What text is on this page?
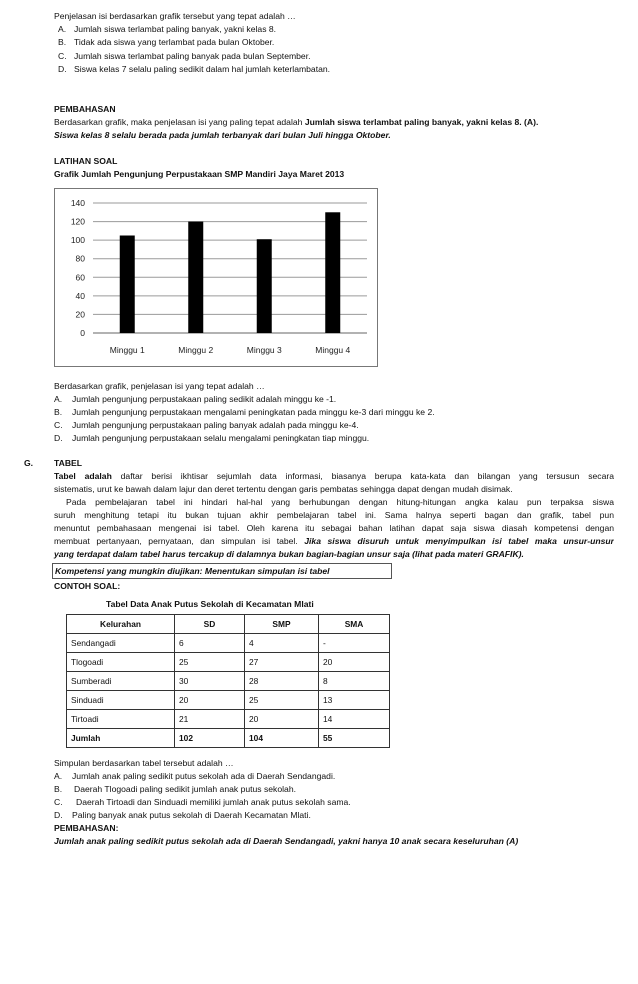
Penjelasan isi berdasarkan grafik tersebut yang tepat adalah …
A. Jumlah siswa terlambat paling banyak, yakni kelas 8.
B. Tidak ada siswa yang terlambat pada bulan Oktober.
C. Jumlah siswa terlambat paling banyak pada bulan September.
D. Siswa kelas 7 selalu paling sedikit dalam hal jumlah keterlambatan.
PEMBAHASAN
Berdasarkan grafik, maka penjelasan isi yang paling tepat adalah Jumlah siswa terlambat paling banyak, yakni kelas 8. (A).
Siswa kelas 8 selalu berada pada jumlah terbanyak dari bulan Juli hingga Oktober.
LATIHAN SOAL
Grafik Jumlah Pengunjung Perpustakaan SMP Mandiri Jaya Maret 2013
0
20
40
60
80
100
120
140
Minggu 1	Minggu 2	Minggu 3	Minggu 4
Berdasarkan grafik, penjelasan isi yang tepat adalah …
A. Jumlah pengunjung perpustakaan paling sedikit adalah minggu ke -1.
B. Jumlah pengunjung perpustakaan mengalami peningkatan pada minggu ke-3 dari minggu ke 2.
C. Jumlah pengunjung perpustakaan paling banyak adalah pada minggu ke-4.
D. Jumlah pengunjung perpustakaan selalu mengalami peningkatan tiap minggu.
G. TABEL
Tabel adalah daftar berisi ikhtisar sejumlah data informasi, biasanya berupa kata-kata dan bilangan yang tersusun secara
sistematis, urut ke bawah dalam lajur dan deret tertentu dengan garis pembatas sehingga dapat dengan mudah disimak.
Pada pembelajaran tabel ini hindari hal-hal yang berhubungan dengan hitung-hitungan angka kalau pun terpaksa siswa
suruh menghitung tetapi itu bukan tujuan akhir pembelajaran tabel ini. Sama halnya seperti bagan dan grafik, tabel pun
menuntut pembahasaan mengenai isi tabel. Oleh karena itu sebagai bahan latihan dapat saja siswa diasah kompetensi dengan
membuat pertanyaan, pernyataan, dan simpulan isi tabel. Jika siswa disuruh untuk menyimpulkan isi tabel maka unsur-unsur
yang terdapat dalam tabel harus tercakup di dalamnya bukan bagian-bagian unsur saja (lihat pada materi GRAFIK).
Kompetensi yang mungkin diujikan: Menentukan simpulan isi tabel
CONTOH SOAL:
Tabel Data Anak Putus Sekolah di Kecamatan Mlati
Kelurahan	SD	SMP	SMA
Sendangadi	6	4	-
Tlogoadi	25	27	20
Sumberadi	30	28	8
Sinduadi	20	25	13
Tirtoadi	21	20	14
Jumlah	102	104	55
Simpulan berdasarkan tabel tersebut adalah …
A. Jumlah anak paling sedikit putus sekolah ada di Daerah Sendangadi.
B. Daerah Tlogoadi paling sedikit jumlah anak putus sekolah.
C. Daerah Tirtoadi dan Sinduadi memiliki jumlah anak putus sekolah sama.
D. Paling banyak anak putus sekolah di Daerah Kecamatan Mlati.
PEMBAHASAN:
Jumlah anak paling sedikit putus sekolah ada di Daerah Sendangadi, yakni hanya 10 anak secara keseluruhan (A)
